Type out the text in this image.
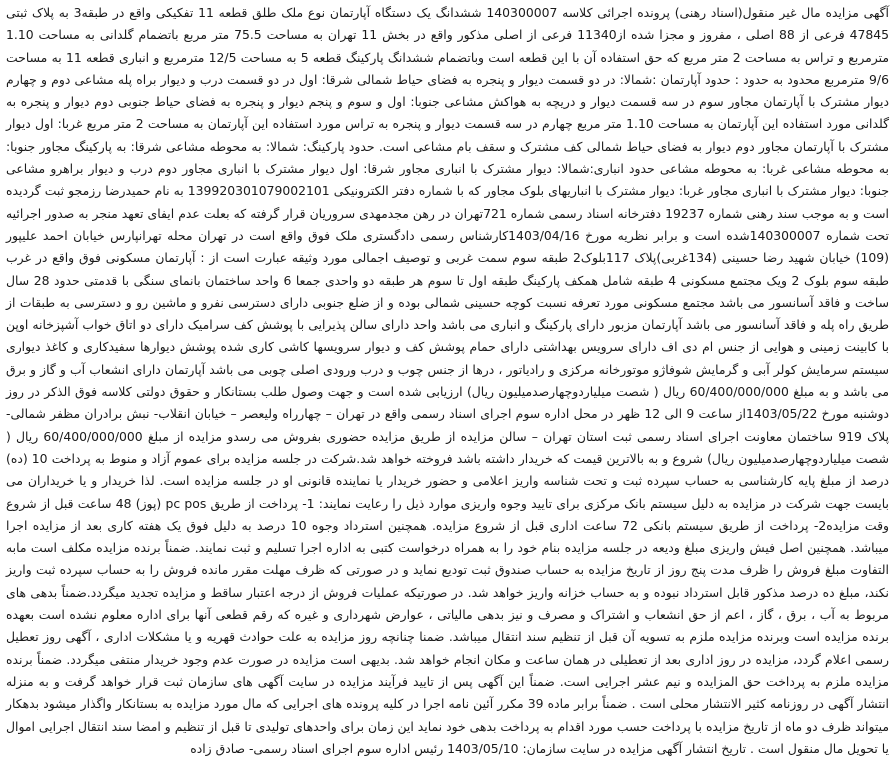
آگهی مزایده مال غیر منقول(اسناد رهنی) پرونده اجرائی کلاسه 140300007 ششدانگ یک دستگاه آپارتمان نوع ملک طلق قطعه 11 تفکیکی واقع در طبقه3 به پلاک ثبتی 47845 فرعی از 88 اصلی ، مفروز و مجزا شده از11340 فرعی از اصلی مذکور واقع در بخش 11 تهران به مساحت 75.5 متر مربع باتضمام گلدانی به مساحت 1.10 مترمربع و تراس به مساحت 2 متر مربع که حق استفاده آن با این قطعه است وباتضمام ششدانگ پارکینگ قطعه 5 به مساحت 12/5 مترمربع و انباری قطعه 11 به مساحت 9/6 مترمربع محدود به حدود : حدود آپارتمان :شمالا: در دو قسمت دیوار و پنجره به فضای حیاط شمالی شرقا: اول در دو قسمت درب و دیوار براه پله مشاعی دوم و چهارم دیوار مشترک با آپارتمان مجاور سوم در سه قسمت دیوار و دریچه به هواکش مشاعی جنوبا: اول و سوم و پنجم دیوار و پنجره به فضای حیاط جنوبی دوم دیوار و پنجره به گلدانی مورد استفاده این آپارتمان به مساحت 1.10 متر مربع چهارم در سه قسمت دیوار و پنجره به تراس مورد استفاده این آپارتمان به مساحت 2 متر مربع غربا: اول دیوار مشترک با آپارتمان مجاور دوم دیوار به فضای حیاط شمالی کف مشترک و سقف بام مشاعی است. حدود پارکینگ: شمالا: به محوطه مشاعی شرقا: به پارکینگ مجاور جنوبا: به محوطه مشاعی غربا: به محوطه مشاعی حدود انباری:شمالا: دیوار مشترک با انباری مجاور شرقا: اول دیوار مشترک با انباری مجاور دوم درب و دیوار براهرو مشاعی جنوبا: دیوار مشترک با انباری مجاور غربا: دیوار مشترک با انباریهای بلوک مجاور که با شماره دفتر الکترونیکی 139920301079002101 به نام حمیدرضا رزمجو ثبت گردیده است و به موجب سند رهنی شماره 19237 دفترخانه اسناد رسمی شماره 721تهران در رهن مجدمهدی سروریان قرار گرفته که بعلت عدم ایفای تعهد منجر به صدور اجرائیه تحت شماره 140300007شده است و برابر نظریه مورخ 1403/04/16کارشناس رسمی دادگستری ملک فوق واقع است در تهران محله تهرانپارس خیابان احمد علیپور (109) خیابان شهید رضا حسینی (134غربی)پلاک 117بلوک2 طبقه سوم سمت غربی و توصیف اجمالی مورد وثیقه عبارت است از : آپارتمان مسکونی فوق واقع در غرب طبقه سوم بلوک 2 ویک مجتمع مسکونی 4 طبقه شامل همکف پارکینگ طبقه اول تا سوم هر طبقه دو واحدی جمعا 6 واحد ساختمان بانمای سنگی با قدمتی حدود 28 سال ساخت و فاقد آسانسور می باشد مجتمع مسکونی مورد تعرفه نسبت کوچه حسینی شمالی بوده و از ضلع جنوبی دارای دسترسی نفرو و ماشین رو و دسترسی به طبقات از طریق راه پله و فاقد آسانسور می باشد آپارتمان مزبور دارای پارکینگ و انباری می باشد واحد دارای سالن پذیرایی با پوشش کف سرامیک دارای دو اتاق خواب آشپزخانه اوپن با کابینت زمینی و هوایی از جنس ام دی اف دارای سرویس بهداشتی دارای حمام پوشش کف و دیوار سرویسها کاشی کاری شده پوشش دیوارها سفیدکاری و کاغذ دیواری سیستم سرمایش کولر آبی و گرمایش شوفاژو موتورخانه مرکزی و رادیاتور ، درها از جنس چوب و درب ورودی اصلی چوبی می باشد آپارتمان دارای انشعاب آب و گاز و برق می باشد و به مبلغ 60/400/000/000 ریال ( شصت میلیاردوچهارصدمیلیون ریال) ارزیابی شده است و جهت وصول طلب بستانکار و حقوق دولتی کلاسه فوق الذکر در روز دوشنبه مورخ 1403/05/22از ساعت 9 الی 12 ظهر در محل اداره سوم اجرای اسناد رسمی واقع در تهران – چهارراه ولیعصر – خیابان انقلاب- نبش برادران مظفر شمالی- پلاک 919 ساختمان معاونت اجرای اسناد رسمی ثبت استان تهران – سالن مزایده از طریق مزایده حضوری بفروش می رسدو مزایده از مبلغ 60/400/000/000 ریال ( شصت میلیاردوچهارصدمیلیون ریال) شروع و به بالاترین قیمت که خریدار داشته باشد فروخته خواهد شد.شرکت در جلسه مزایده برای عموم آزاد و منوط به پرداخت 10 (ده) درصد از مبلغ پایه کارشناسی به حساب سپرده ثبت و تحت شناسه واریز اعلامی و حضور خریدار یا نماینده قانونی او در جلسه مزایده است. لذا خریدار و یا خریداران می بایست جهت شرکت در مزایده به دلیل سیستم بانک مرکزی برای تایید وجوه واریزی موارد ذیل را رعایت نمایند: 1- پرداخت از طریق pc pos (پوز) 48 ساعت قبل از شروع وقت مزایده2- پرداخت از طریق سیستم بانکی 72 ساعت اداری قبل از شروع مزایده. همچنین استرداد وجوه 10 درصد به دلیل فوق یک هفته کاری بعد از مزایده اجرا میباشد. همچنین اصل فیش واریزی مبلغ ودیعه در جلسه مزایده بنام خود را به همراه درخواست کتبی به اداره اجرا تسلیم و ثبت نمایند. ضمناً برنده مزایده مکلف است مابه التفاوت مبلغ فروش را ظرف مدت پنج روز از تاریخ مزایده به حساب صندوق ثبت تودیع نماید و در صورتی که ظرف مهلت مقرر مانده فروش را به حساب سپرده ثبت واریز نکند، مبلغ ده درصد مذکور قابل استرداد نبوده و به حساب خزانه واریز خواهد شد. در صورتیکه عملیات فروش از درجه اعتبار ساقط و مزایده تجدید میگردد.ضمناً بدهی های مربوط به آب ، برق ، گاز ، اعم از حق انشعاب و اشتراک و مصرف و نیز بدهی مالیاتی ، عوارض شهرداری و غیره که رقم قطعی آنها برای اداره معلوم نشده است بعهده برنده مزایده است وبرنده مزایده ملزم به تسویه آن قبل از تنظیم سند انتقال میباشد. ضمنا چنانچه روز مزایده به علت حوادث قهریه و یا مشکلات اداری ، آگهی روز تعطیل رسمی اعلام گردد، مزایده در روز اداری بعد از تعطیلی در همان ساعت و مکان انجام خواهد شد. بدیهی است مزایده در صورت عدم وجود خریدار منتفی میگردد. ضمناً برنده مزایده ملزم به پرداخت حق المزایده و نیم عشر اجرایی است. ضمناً این آگهی پس از تایید فرآیند مزایده در سایت آگهی های سازمان ثبت قرار خواهد گرفت و به منزله انتشار آگهی در روزنامه کثیر الانتشار محلی است . ضمناً برابر ماده 39 مکرر آئین نامه اجرا در کلیه پرونده های اجرایی که مال مورد مزایده به بستانکار واگذار میشود بدهکار میتواند ظرف دو ماه از تاریخ مزایده با پرداخت حسب مورد اقدام به پرداخت بدهی خود نماید این زمان برای واحدهای تولیدی تا قبل از تنظیم و امضا سند انتقال اجرایی اموال یا تحویل مال منقول است . تاریخ انتشار آگهی مزایده در سایت سازمان: 1403/05/10 رئیس اداره سوم اجرای اسناد رسمی- صادق زاده
